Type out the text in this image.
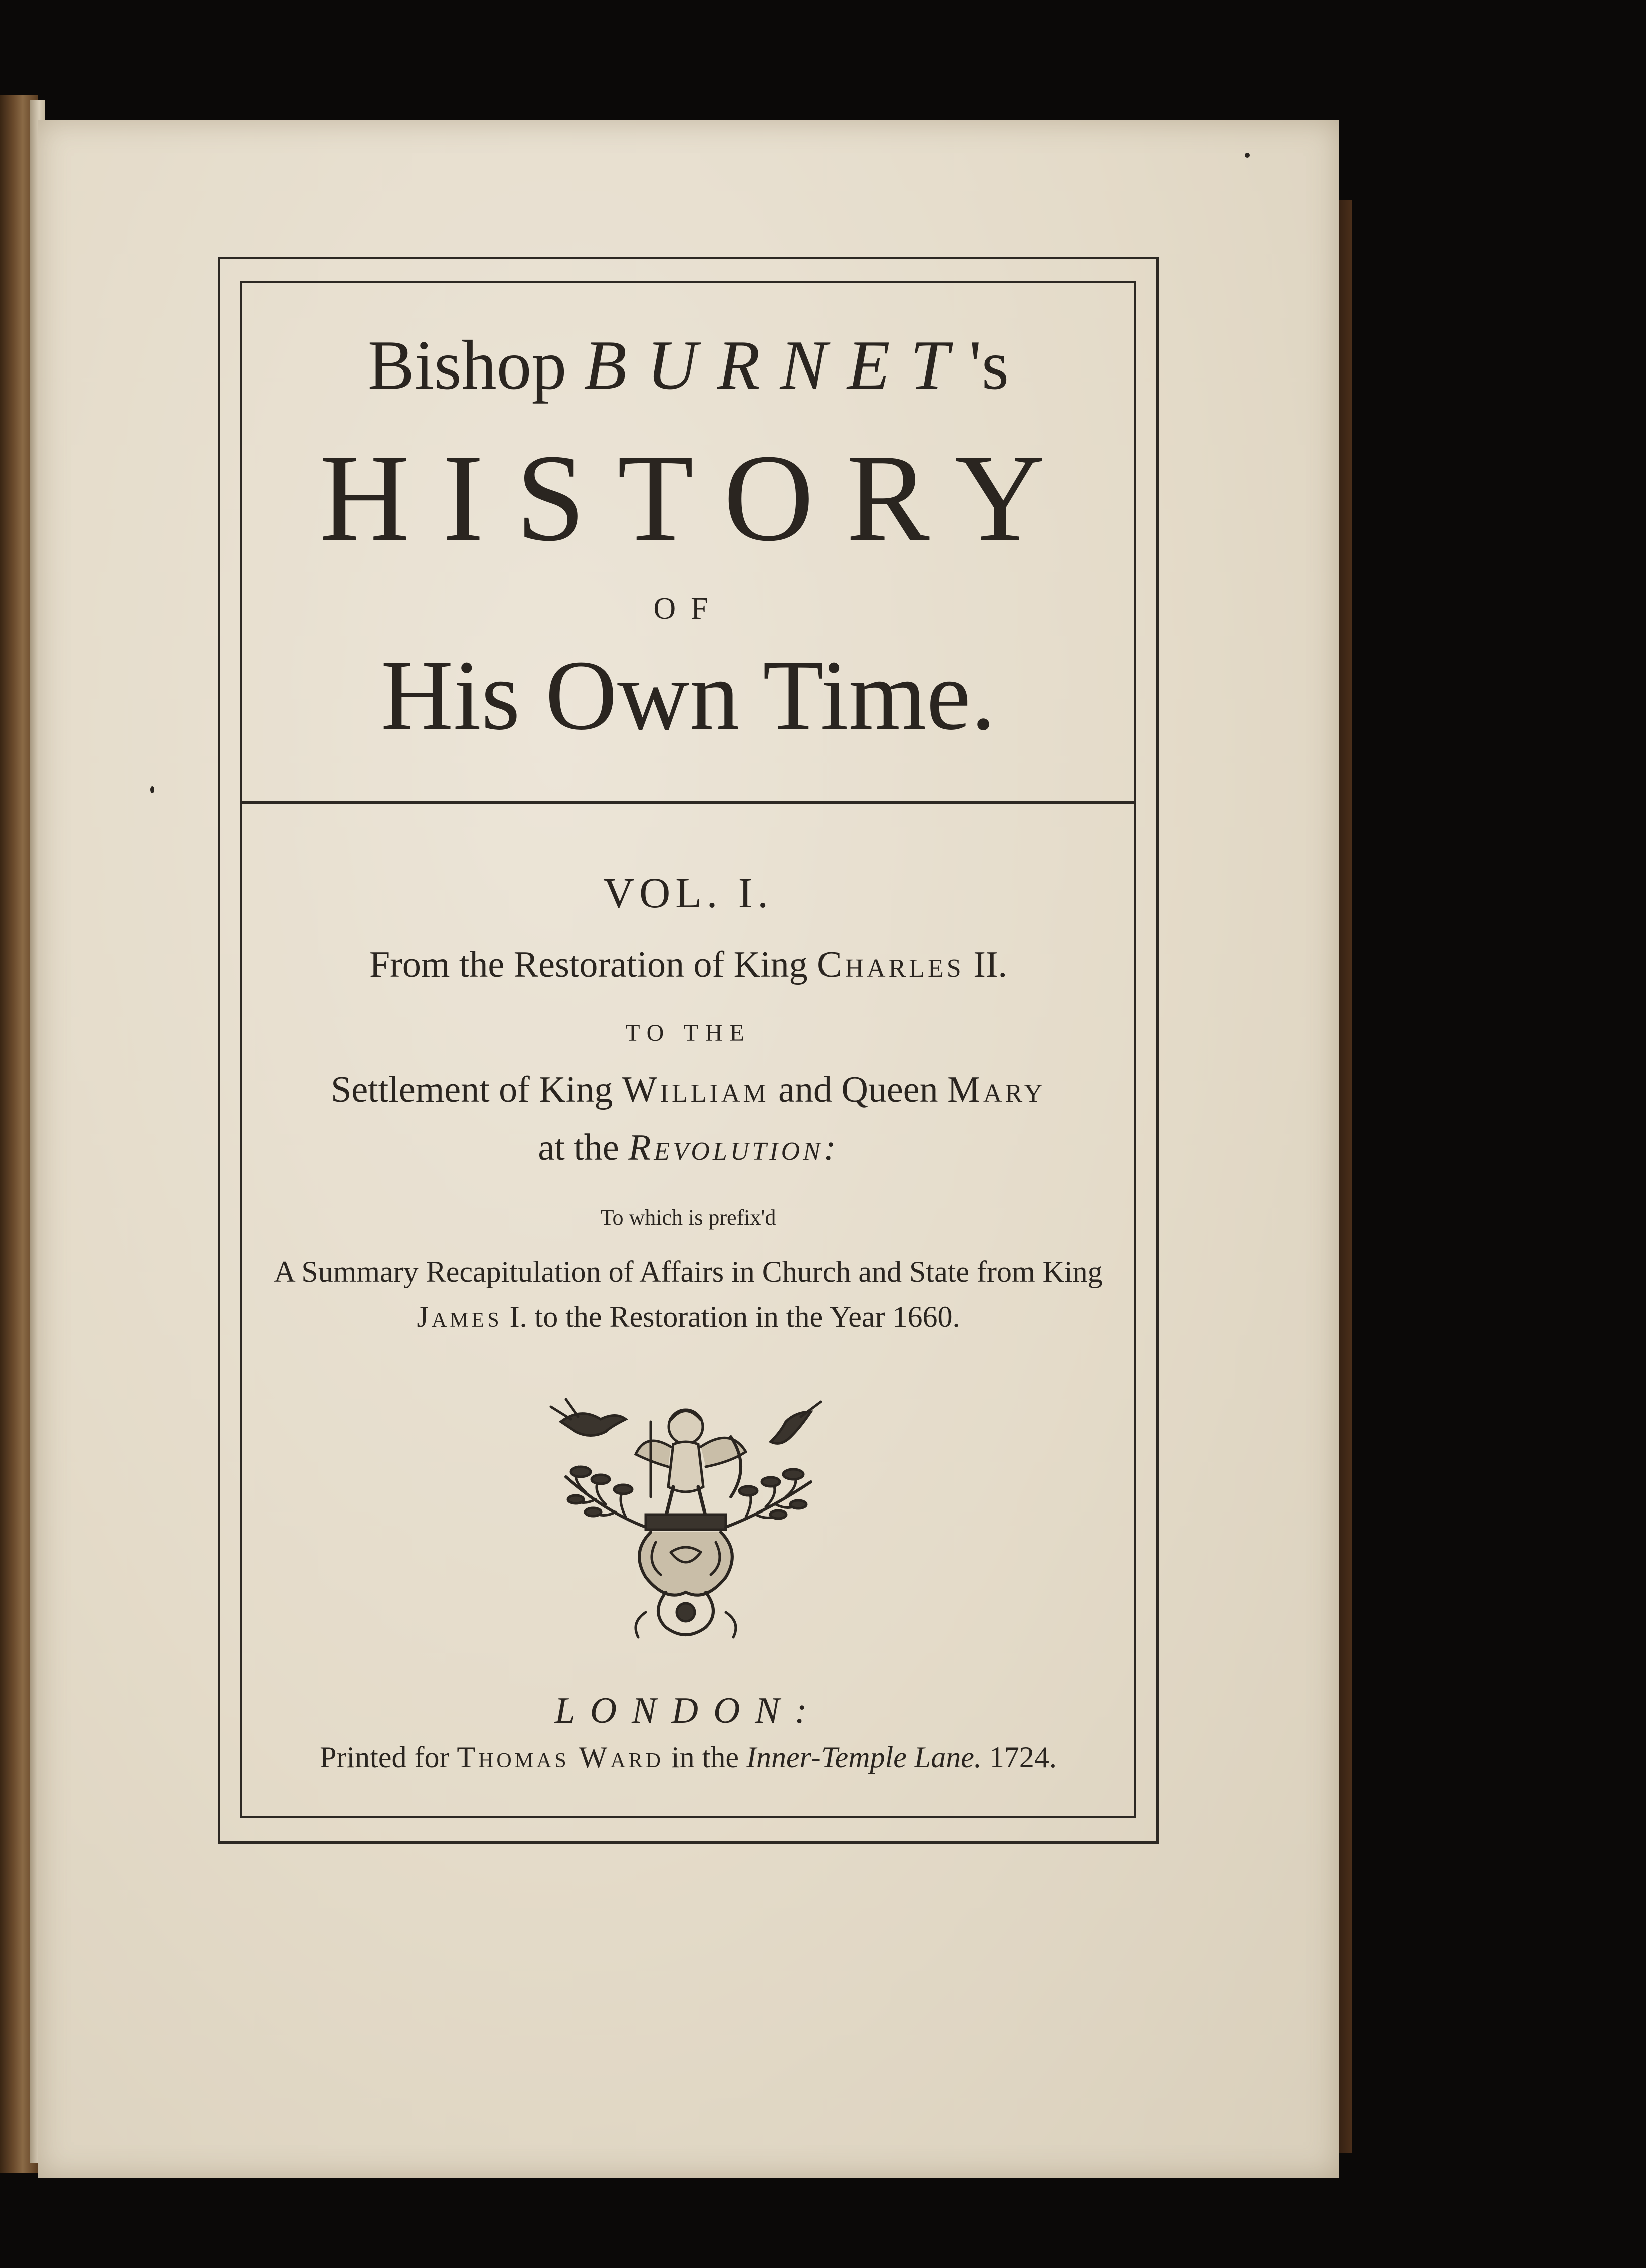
Bishop BURNET's
HISTORY
OF
His Own Time.
VOL. I.
From the Restoration of King Charles II.
TO THE
Settlement of King William and Queen Mary
at the Revolution:
To which is prefix'd
A Summary Recapitulation of Affairs in Church and State from King
James I. to the Restoration in the Year 1660.
LONDON:
Printed for Thomas Ward in the Inner-Temple Lane. 1724.
